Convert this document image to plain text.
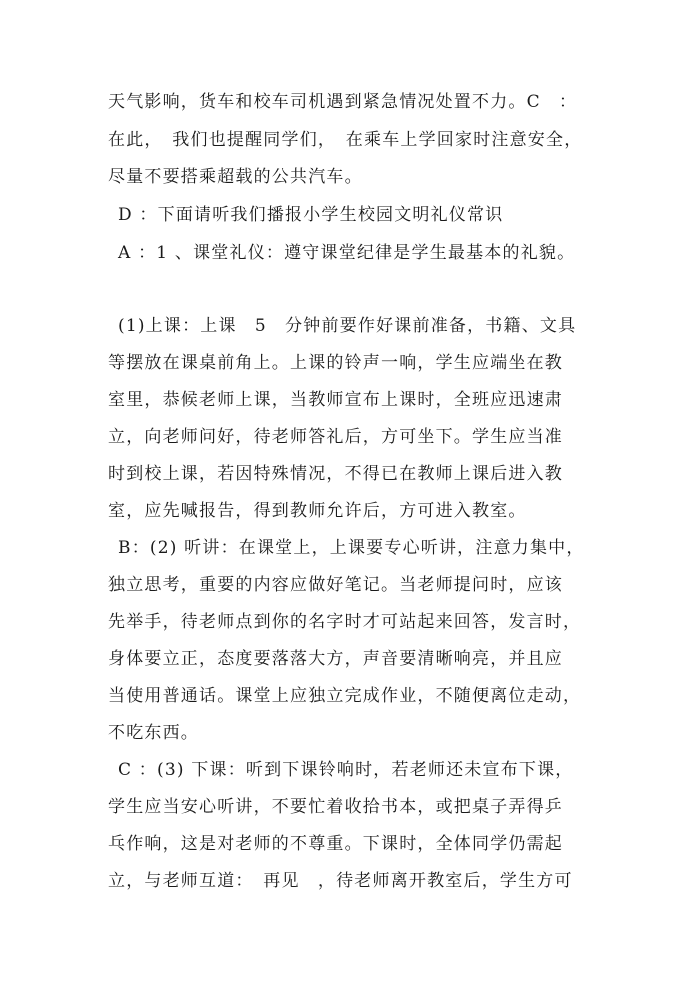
天气影响，货车和校车司机遇到紧急情况处置不力。C　：
在此，　我们也提醒同学们，　在乘车上学回家时注意安全，
尽量不要搭乘超载的公共汽车。
D ：下面请听我们播报小学生校园文明礼仪常识
A ：1 、课堂礼仪：遵守课堂纪律是学生最基本的礼貌。
(1)上课：上课　5　分钟前要作好课前准备，书籍、文具
等摆放在课桌前角上。上课的铃声一响，学生应端坐在教
室里，恭候老师上课，当教师宣布上课时，全班应迅速肃
立，向老师问好，待老师答礼后，方可坐下。学生应当准
时到校上课，若因特殊情况，不得已在教师上课后进入教
室，应先喊报告，得到教师允许后，方可进入教室。
B：(2) 听讲：在课堂上，上课要专心听讲，注意力集中，
独立思考，重要的内容应做好笔记。当老师提问时，应该
先举手，待老师点到你的名字时才可站起来回答，发言时，
身体要立正，态度要落落大方，声音要清晰响亮，并且应
当使用普通话。课堂上应独立完成作业，不随便离位走动，
不吃东西。
C ：(3) 下课：听到下课铃响时，若老师还未宣布下课，
学生应当安心听讲，不要忙着收拾书本，或把桌子弄得乒
乓作响，这是对老师的不尊重。下课时，全体同学仍需起
立，与老师互道：　再见　，待老师离开教室后，学生方可
